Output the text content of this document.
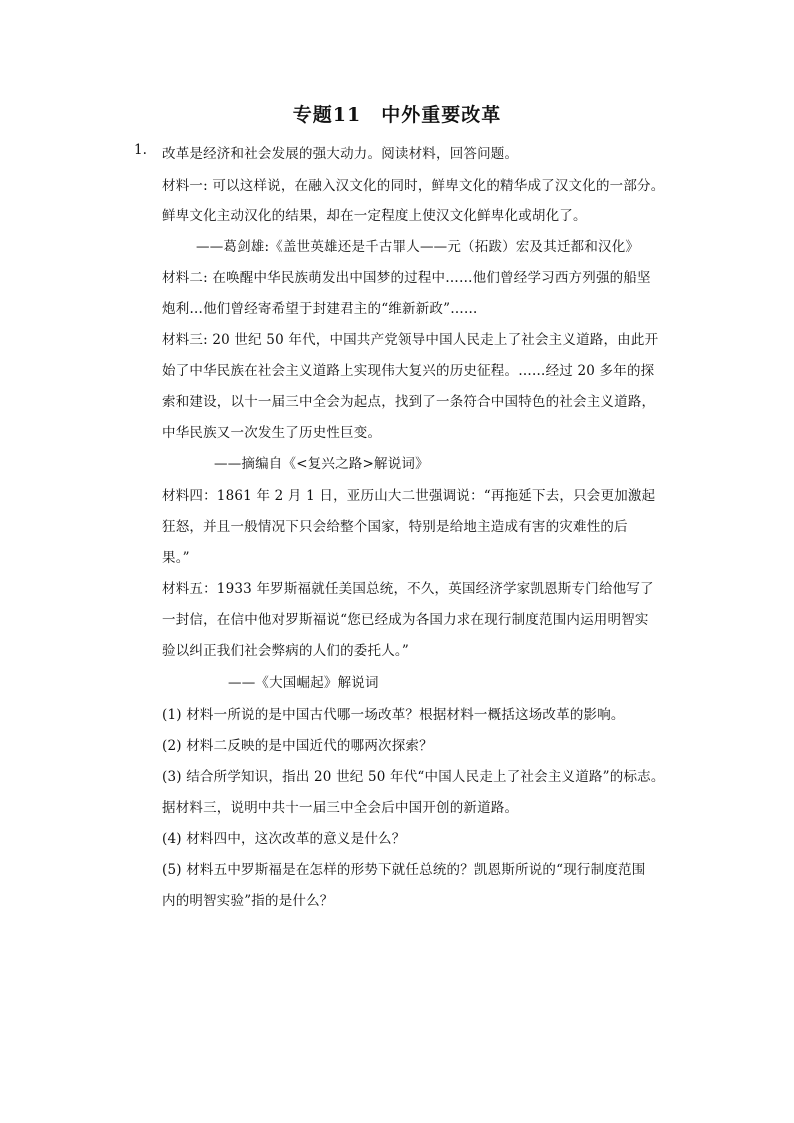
专题11　中外重要改革
1. 改革是经济和社会发展的强大动力。阅读材料，回答问题。
材料一: 可以这样说，在融入汉文化的同时，鲜卑文化的精华成了汉文化的一部分。
鲜卑文化主动汉化的结果，却在一定程度上使汉文化鲜卑化或胡化了。
——葛剑雄:《盖世英雄还是千古罪人——元（拓跋）宏及其迁都和汉化》
材料二: 在唤醒中华民族萌发出中国梦的过程中……他们曾经学习西方列强的船坚
炮利…他们曾经寄希望于封建君主的“维新新政”……
材料三: 20 世纪 50 年代，中国共产党领导中国人民走上了社会主义道路，由此开
始了中华民族在社会主义道路上实现伟大复兴的历史征程。……经过 20 多年的探
索和建设，以十一届三中全会为起点，找到了一条符合中国特色的社会主义道路，
中华民族又一次发生了历史性巨变。
——摘编自《<复兴之路>解说词》
材料四：1861 年 2 月 1 日，亚历山大二世强调说：“再拖延下去，只会更加激起
狂怒，并且一般情况下只会给整个国家，特别是给地主造成有害的灾难性的后
果。”
材料五：1933 年罗斯福就任美国总统，不久，英国经济学家凯恩斯专门给他写了
一封信，在信中他对罗斯福说“您已经成为各国力求在现行制度范围内运用明智实
验以纠正我们社会弊病的人们的委托人。”
——《大国崛起》解说词
(1) 材料一所说的是中国古代哪一场改革？根据材料一概括这场改革的影响。
(2) 材料二反映的是中国近代的哪两次探索？
(3) 结合所学知识，指出 20 世纪 50 年代“中国人民走上了社会主义道路”的标志。
据材料三，说明中共十一届三中全会后中国开创的新道路。
(4) 材料四中，这次改革的意义是什么？
(5) 材料五中罗斯福是在怎样的形势下就任总统的？凯恩斯所说的“现行制度范围
内的明智实验”指的是什么？
